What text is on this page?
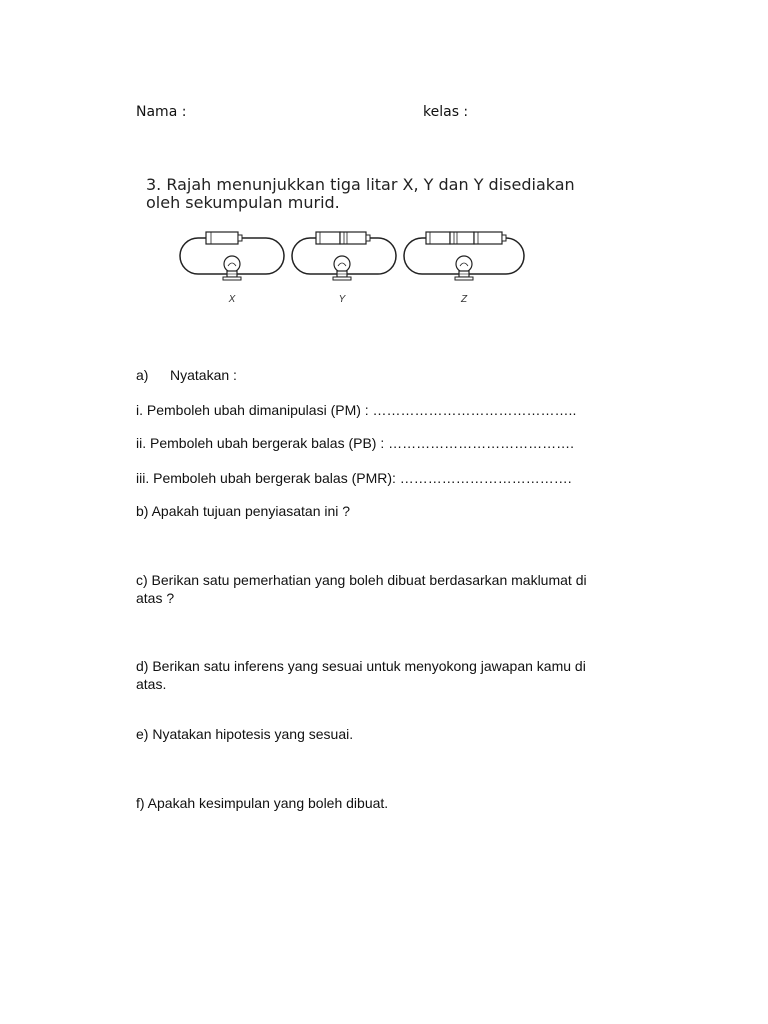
Nama :	kelas :
3. Rajah menunjukkan tiga litar X, Y dan Y disediakan
oleh sekumpulan murid.
X	Y	Z
a) Nyatakan :
i. Pemboleh ubah dimanipulasi (PM) : ……………………………………..
ii. Pemboleh ubah bergerak balas (PB) : ………………………………….
iii. Pemboleh ubah bergerak balas (PMR): ……………………………….
b) Apakah tujuan penyiasatan ini ?
c) Berikan satu pemerhatian yang boleh dibuat berdasarkan maklumat di
atas ?
d) Berikan satu inferens yang sesuai untuk menyokong jawapan kamu di
atas.
e) Nyatakan hipotesis yang sesuai.
f) Apakah kesimpulan yang boleh dibuat.
